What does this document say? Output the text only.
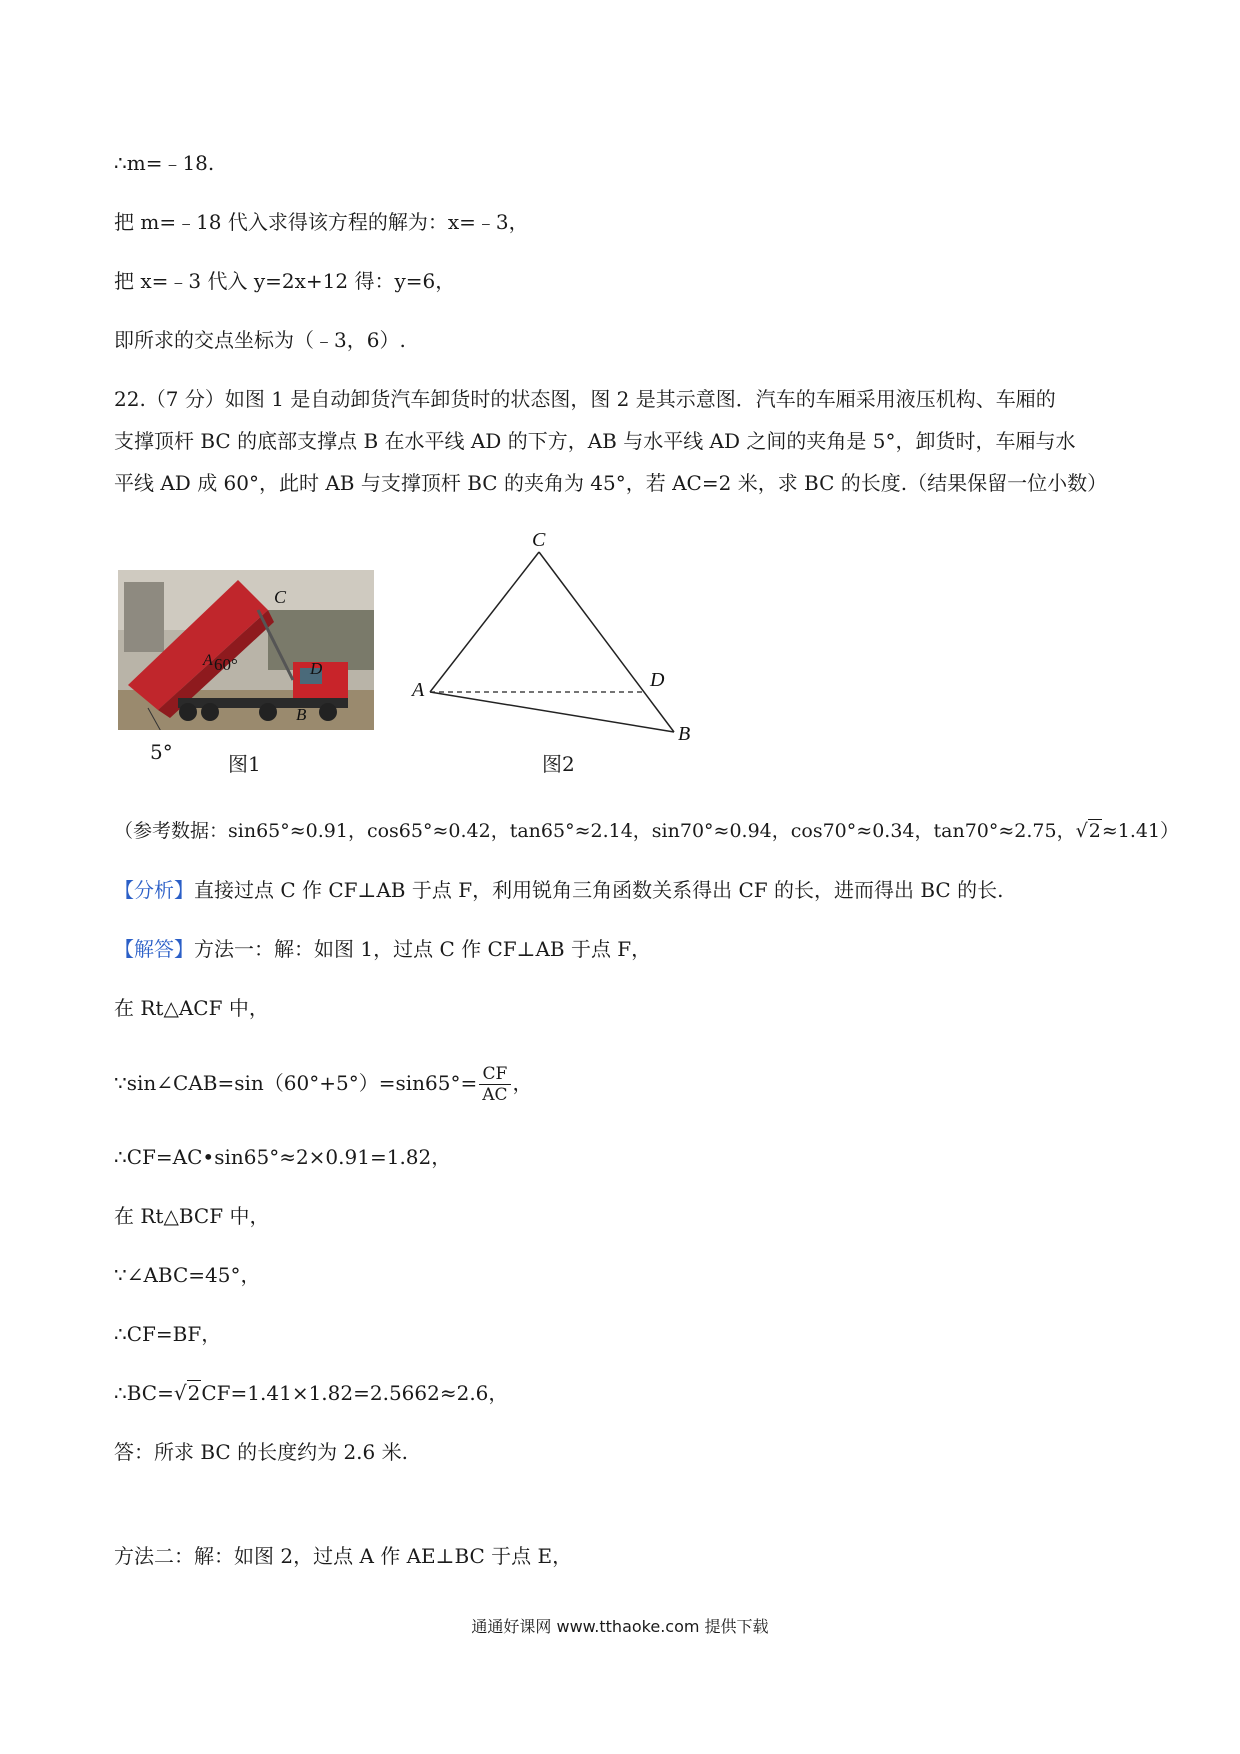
∴m=﹣18.
把 m=﹣18 代入求得该方程的解为：x=﹣3，
把 x=﹣3 代入 y=2x+12 得：y=6，
即所求的交点坐标为（﹣3，6）.
22.（7 分）如图 1 是自动卸货汽车卸货时的状态图，图 2 是其示意图．汽车的车厢采用液压机构、车厢的
支撑顶杆 BC 的底部支撑点 B 在水平线 AD 的下方，AB 与水平线 AD 之间的夹角是 5°，卸货时，车厢与水
平线 AD 成 60°，此时 AB 与支撑顶杆 BC 的夹角为 45°，若 AC=2 米，求 BC 的长度.（结果保留一位小数）
C
A 60°	D
B
5°	图1
C
A	D
B
图2
（参考数据：sin65°≈0.91，cos65°≈0.42，tan65°≈2.14，sin70°≈0.94，cos70°≈0.34，tan70°≈2.75，√2≈1.41）
【分析】直接过点 C 作 CF⊥AB 于点 F，利用锐角三角函数关系得出 CF 的长，进而得出 BC 的长.
【解答】方法一：解：如图 1，过点 C 作 CF⊥AB 于点 F，
在 Rt△ACF 中，
∵sin∠CAB=sin（60°+5°）=sin65°= $\frac{CF}{AC}$ ，
∴CF=AC•sin65°≈2×0.91=1.82，
在 Rt△BCF 中，
∵∠ABC=45°，
∴CF=BF，
∴BC=√2CF=1.41×1.82=2.5662≈2.6，
答：所求 BC 的长度约为 2.6 米.
方法二：解：如图 2，过点 A 作 AE⊥BC 于点 E，
通通好课网 www.tthaoke.com 提供下载
